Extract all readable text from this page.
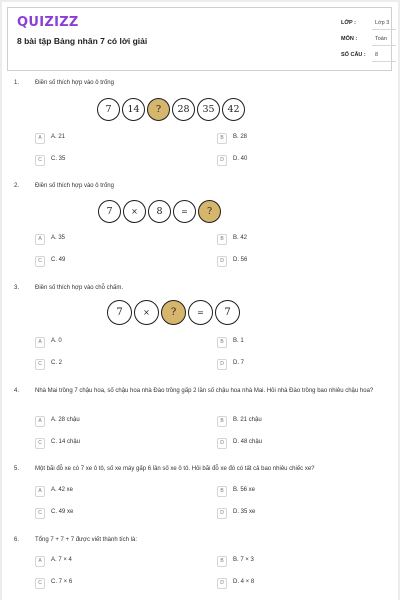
QUIZIZZ
8 bài tập Bảng nhân 7 có lời giải
LỚP :	Lớp 3
MÔN :	Toán
SỐ CÂU : 8
1.	Điền số thích hợp vào ô trống
7	14	?	28	35	42
A	A. 21	B	B. 28
C	C. 35	D	D. 40
2.	Điền số thích hợp vào ô trống
7	×	8	=	?
A	A. 35	B	B. 42
C	C. 49	D	D. 56
3.	Điền số thích hợp vào chỗ chấm.
7	×	?	=	7
A	A. 0	B	B. 1
C	C. 2	D	D. 7
4.	Nhà Mai trồng 7 chậu hoa, số chậu hoa nhà Đào trồng gấp 2 lần số chậu hoa nhà Mai. Hỏi nhà Đào trồng bao nhiêu chậu hoa?
A	A. 28 chậu	B	B. 21 chậu
C	C. 14 chậu	D	D. 48 chậu
5.	Một bãi đỗ xe có 7 xe ô tô, số xe máy gấp 6 lần số xe ô tô. Hỏi bãi đỗ xe đó có tất cả bao nhiêu chiếc xe?
A	A. 42 xe	B	B. 56 xe
C	C. 49 xe	D	D. 35 xe
6.	Tổng 7 + 7 + 7 được viết thành tích là:
A	A. 7 × 4	B	B. 7 × 3
C	C. 7 × 6	D	D. 4 × 8
